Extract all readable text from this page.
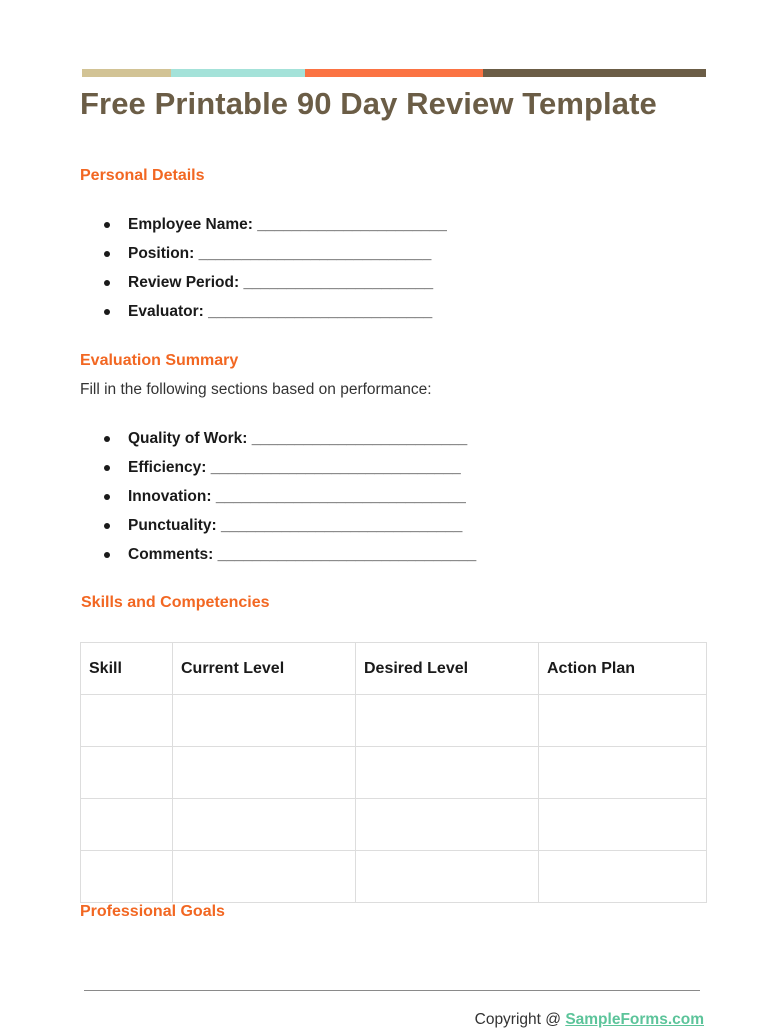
Free Printable 90 Day Review Template
Personal Details
Employee Name: ______________________
Position: ___________________________
Review Period: ______________________
Evaluator: __________________________
Evaluation Summary

Fill in the following sections based on performance:

Quality of Work: _________________________
Efficiency: _____________________________
Innovation: _____________________________
Punctuality: ____________________________
Comments: ______________________________
Skills and Competencies
Skill	Current Level	Desired Level	Action Plan

Professional Goals
Copyright @ SampleForms.com
